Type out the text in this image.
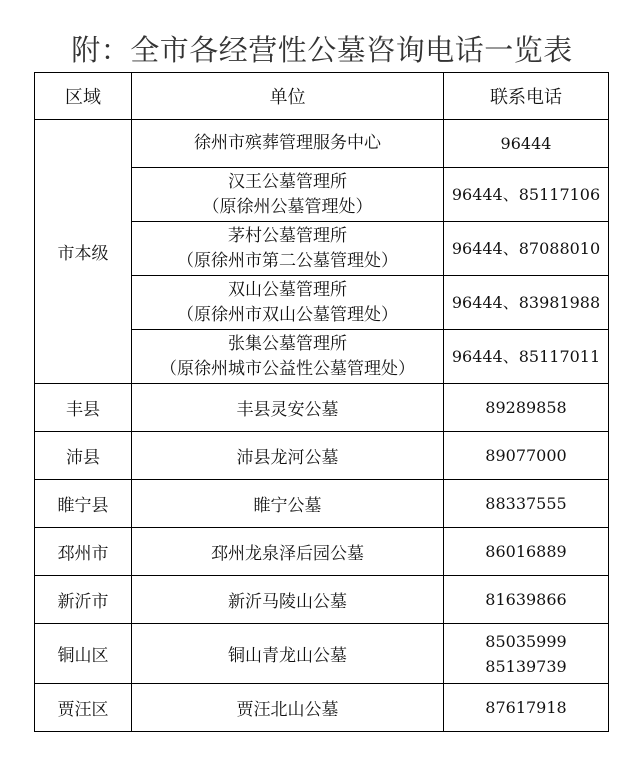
附：全市各经营性公墓咨询电话一览表
区域	单位	联系电话
市本级	徐州市殡葬管理服务中心	96444

	汉王公墓管理所
（原徐州公墓管理处）	96444、85117106

	茅村公墓管理所
（原徐州市第二公墓管理处）	96444、87088010

	双山公墓管理所
（原徐州市双山公墓管理处）	96444、83981988

	张集公墓管理所
（原徐州城市公益性公墓管理处）	96444、85117011

丰县	丰县灵安公墓	89289858

沛县	沛县龙河公墓	89077000

睢宁县	睢宁公墓	88337555

邳州市	邳州龙泉泽后园公墓	86016889

新沂市	新沂马陵山公墓	81639866

铜山区	铜山青龙山公墓	85035999
85139739

贾汪区	贾汪北山公墓	87617918
